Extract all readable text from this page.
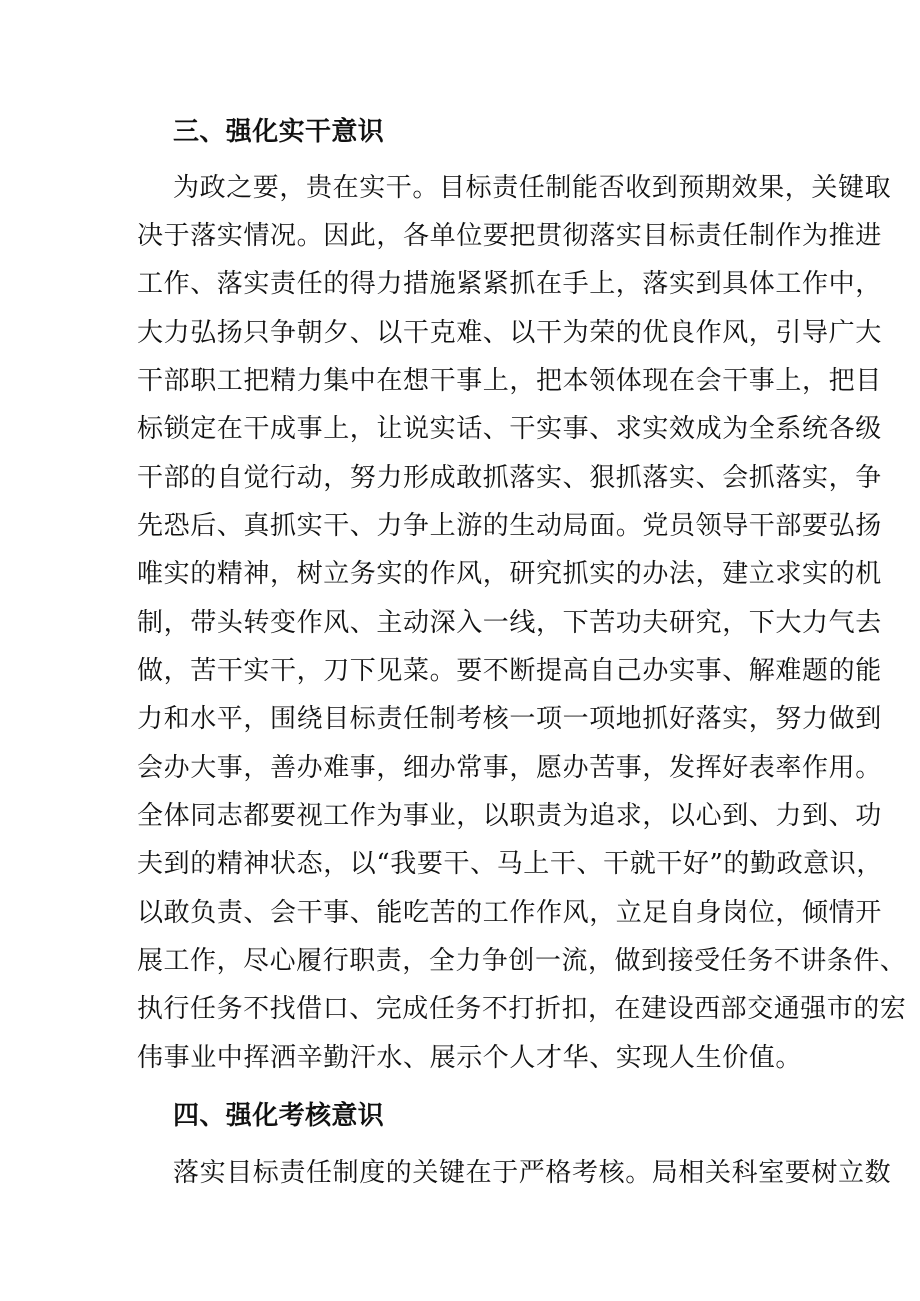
三、强化实干意识
为政之要，贵在实干。目标责任制能否收到预期效果，关键取
决于落实情况。因此，各单位要把贯彻落实目标责任制作为推进
工作、落实责任的得力措施紧紧抓在手上，落实到具体工作中，
大力弘扬只争朝夕、以干克难、以干为荣的优良作风，引导广大
干部职工把精力集中在想干事上，把本领体现在会干事上，把目
标锁定在干成事上，让说实话、干实事、求实效成为全系统各级
干部的自觉行动，努力形成敢抓落实、狠抓落实、会抓落实，争
先恐后、真抓实干、力争上游的生动局面。党员领导干部要弘扬
唯实的精神，树立务实的作风，研究抓实的办法，建立求实的机
制，带头转变作风、主动深入一线，下苦功夫研究，下大力气去
做，苦干实干，刀下见菜。要不断提高自己办实事、解难题的能
力和水平，围绕目标责任制考核一项一项地抓好落实，努力做到
会办大事，善办难事，细办常事，愿办苦事，发挥好表率作用。
全体同志都要视工作为事业，以职责为追求，以心到、力到、功
夫到的精神状态，以“我要干、马上干、干就干好”的勤政意识，
以敢负责、会干事、能吃苦的工作作风，立足自身岗位，倾情开
展工作，尽心履行职责，全力争创一流，做到接受任务不讲条件、
执行任务不找借口、完成任务不打折扣，在建设西部交通强市的宏
伟事业中挥洒辛勤汗水、展示个人才华、实现人生价值。
四、强化考核意识
落实目标责任制度的关键在于严格考核。局相关科室要树立数
